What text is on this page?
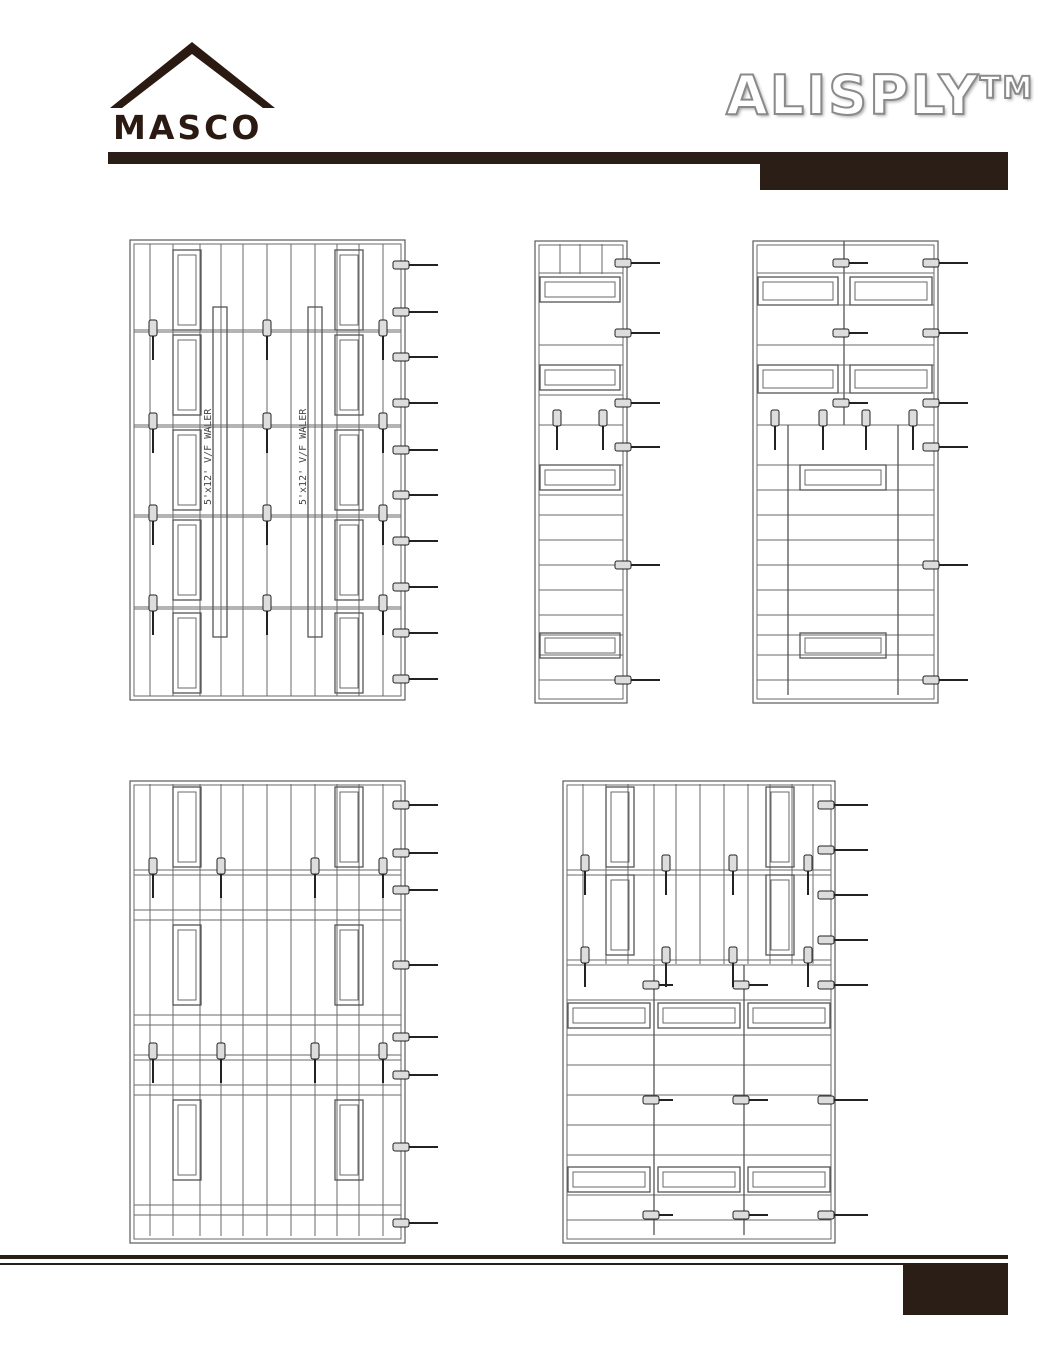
MASCO
ALISPLY™
5'x12' V/F WALER	5'x12' V/F WALER
